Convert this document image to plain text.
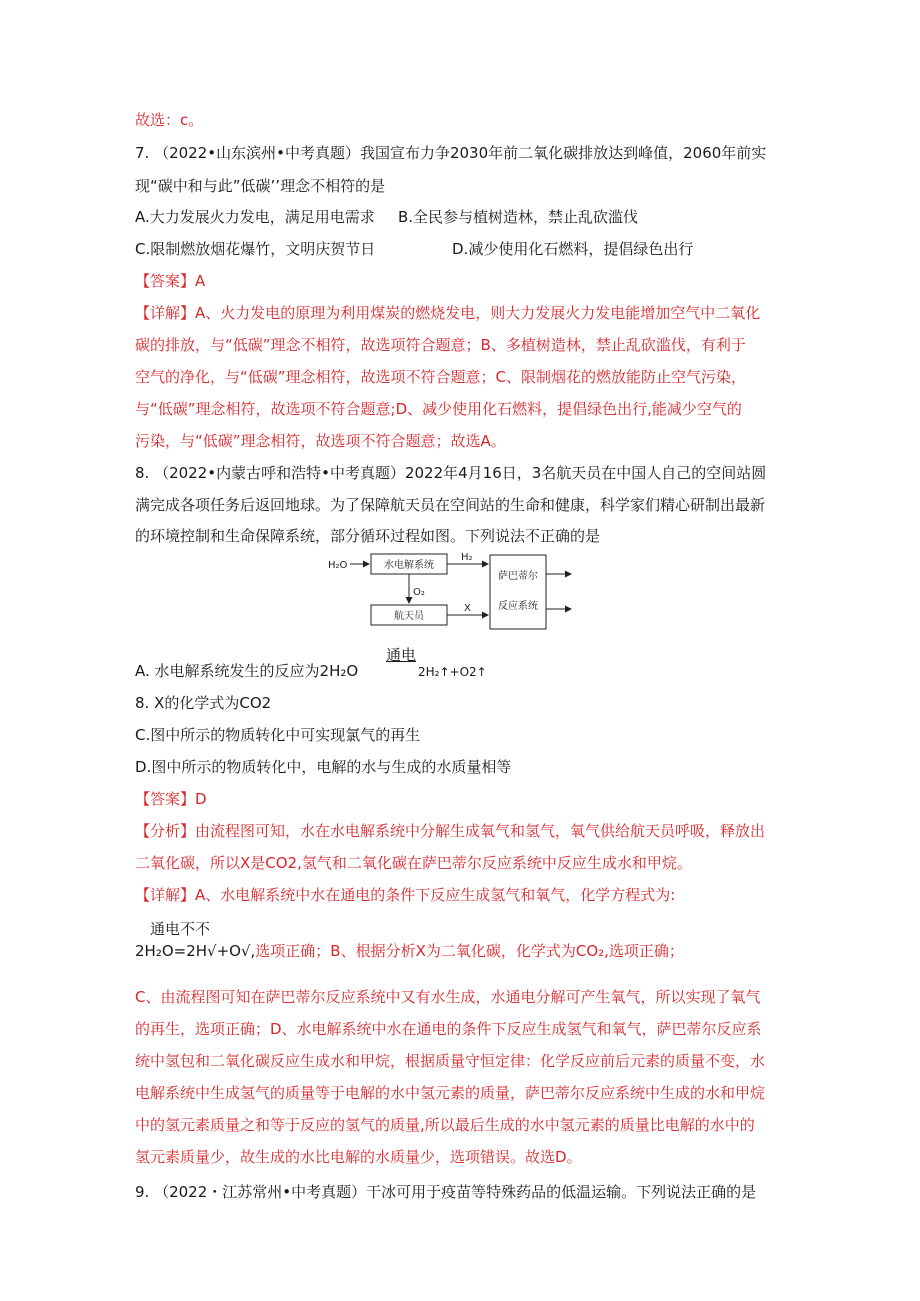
故选：c。
7. （2022•山东滨州•中考真题）我国宣布力争2030年前二氧化碳排放达到峰值，2060年前实
现“碳中和与此”低碳’’理念不相符的是
A.大力发展火力发电，满足用电需求 B.全民参与植树造林，禁止乱砍滥伐
C.限制燃放烟花爆竹，文明庆贺节日	D.减少使用化石燃料，提倡绿色出行
【答案】A
【详解】A、火力发电的原理为利用煤炭的燃烧发电，则大力发展火力发电能增加空气中二氧化
碳的排放，与“低碳”理念不相符，故选项符合题意；B、多植树造林，禁止乱砍滥伐，有利于
空气的净化，与“低碳”理念相符，故选项不符合题意；C、限制烟花的燃放能防止空气污染，
与“低碳”理念相符，故选项不符合题意;D、减少使用化石燃料，提倡绿色出行,能减少空气的
污染，与“低碳”理念相符，故选项不符合题意；故选A。
8. （2022•内蒙古呼和浩特•中考真题）2022年4月16日，3名航天员在中国人自己的空间站圆
满完成各项任务后返回地球。为了保障航天员在空间站的生命和健康，科学家们精心研制出最新
的环境控制和生命保障系统，部分循环过程如图。下列说法不正确的是
H₂O	水电解系统
H₂
O₂
航天员
X
萨巴蒂尔
反应系统
A. 水电解系统发生的反应为2H₂O
通电
2H₂↑+O2↑
8. X的化学式为CO2
C.图中所示的物质转化中可实现氯气的再生
D.图中所示的物质转化中，电解的水与生成的水质量相等
【答案】D
【分析】由流程图可知，水在水电解系统中分解生成氧气和氢气，氧气供给航天员呼吸，释放出
二氧化碳，所以X是CO2,氢气和二氧化碳在萨巴蒂尔反应系统中反应生成水和甲烷。
【详解】A、水电解系统中水在通电的条件下反应生成氢气和氧气，化学方程式为:
通电不不
2H₂O=2H√+O√,选项正确；B、根据分析X为二氧化碳，化学式为CO₂,选项正确；
C、由流程图可知在萨巴蒂尔反应系统中又有水生成，水通电分解可产生氧气，所以实现了氧气
的再生，选项正确；D、水电解系统中水在通电的条件下反应生成氢气和氧气，萨巴蒂尔反应系
统中氢包和二氧化碳反应生成水和甲烷，根据质量守恒定律：化学反应前后元素的质量不变，水
电解系统中生成氢气的质量等于电解的水中氢元素的质量，萨巴蒂尔反应系统中生成的水和甲烷
中的氢元素质量之和等于反应的氢气的质量,所以最后生成的水中氢元素的质量比电解的水中的
氢元素质量少，故生成的水比电解的水质量少，选项错误。故选D。
9. （2022・江苏常州•中考真题）干冰可用于疫苗等特殊药品的低温运输。下列说法正确的是
